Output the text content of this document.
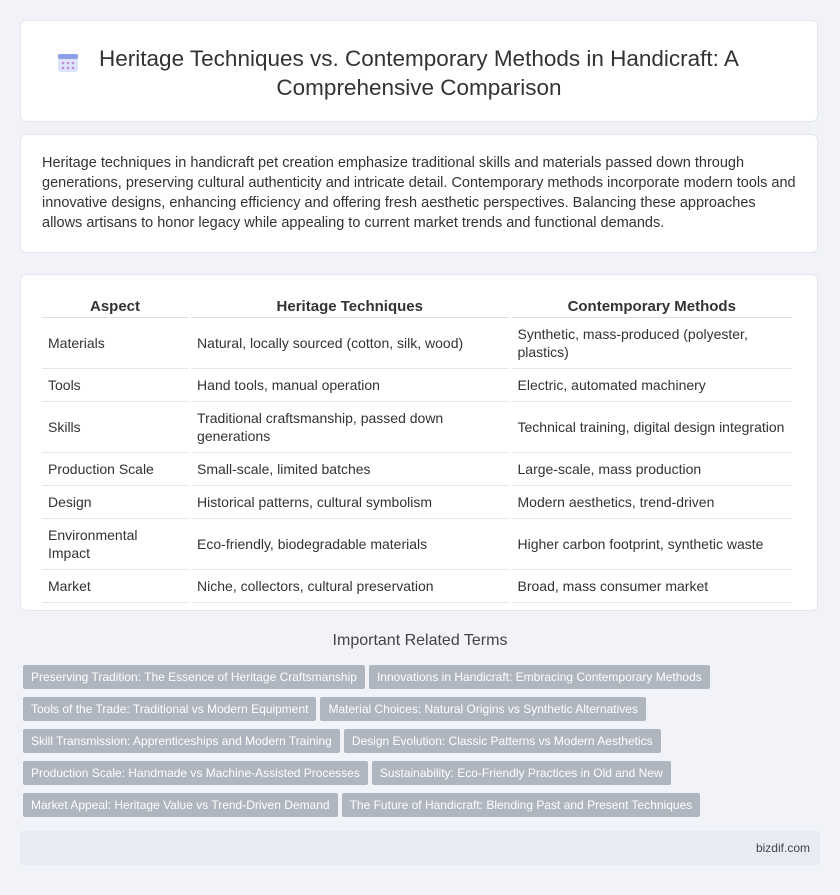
Heritage Techniques vs. Contemporary Methods in Handicraft: A Comprehensive Comparison

Heritage techniques in handicraft pet creation emphasize traditional skills and materials passed down through generations, preserving cultural authenticity and intricate detail. Contemporary methods incorporate modern tools and innovative designs, enhancing efficiency and offering fresh aesthetic perspectives. Balancing these approaches allows artisans to honor legacy while appealing to current market trends and functional demands.

Aspect	Heritage Techniques	Contemporary Methods
Materials	Natural, locally sourced (cotton, silk, wood)	Synthetic, mass-produced (polyester, plastics)
Tools	Hand tools, manual operation	Electric, automated machinery
Skills	Traditional craftsmanship, passed down generations	Technical training, digital design integration
Production Scale	Small-scale, limited batches	Large-scale, mass production
Design	Historical patterns, cultural symbolism	Modern aesthetics, trend-driven
Environmental Impact	Eco-friendly, biodegradable materials	Higher carbon footprint, synthetic waste
Market	Niche, collectors, cultural preservation	Broad, mass consumer market
Important Related Terms
Preserving Tradition: The Essence of Heritage Craftsmanship Innovations in Handicraft: Embracing Contemporary Methods
Tools of the Trade: Traditional vs Modern Equipment Material Choices: Natural Origins vs Synthetic Alternatives
Skill Transmission: Apprenticeships and Modern Training Design Evolution: Classic Patterns vs Modern Aesthetics
Production Scale: Handmade vs Machine-Assisted Processes Sustainability: Eco-Friendly Practices in Old and New
Market Appeal: Heritage Value vs Trend-Driven Demand The Future of Handicraft: Blending Past and Present Techniques
bizdif.com
